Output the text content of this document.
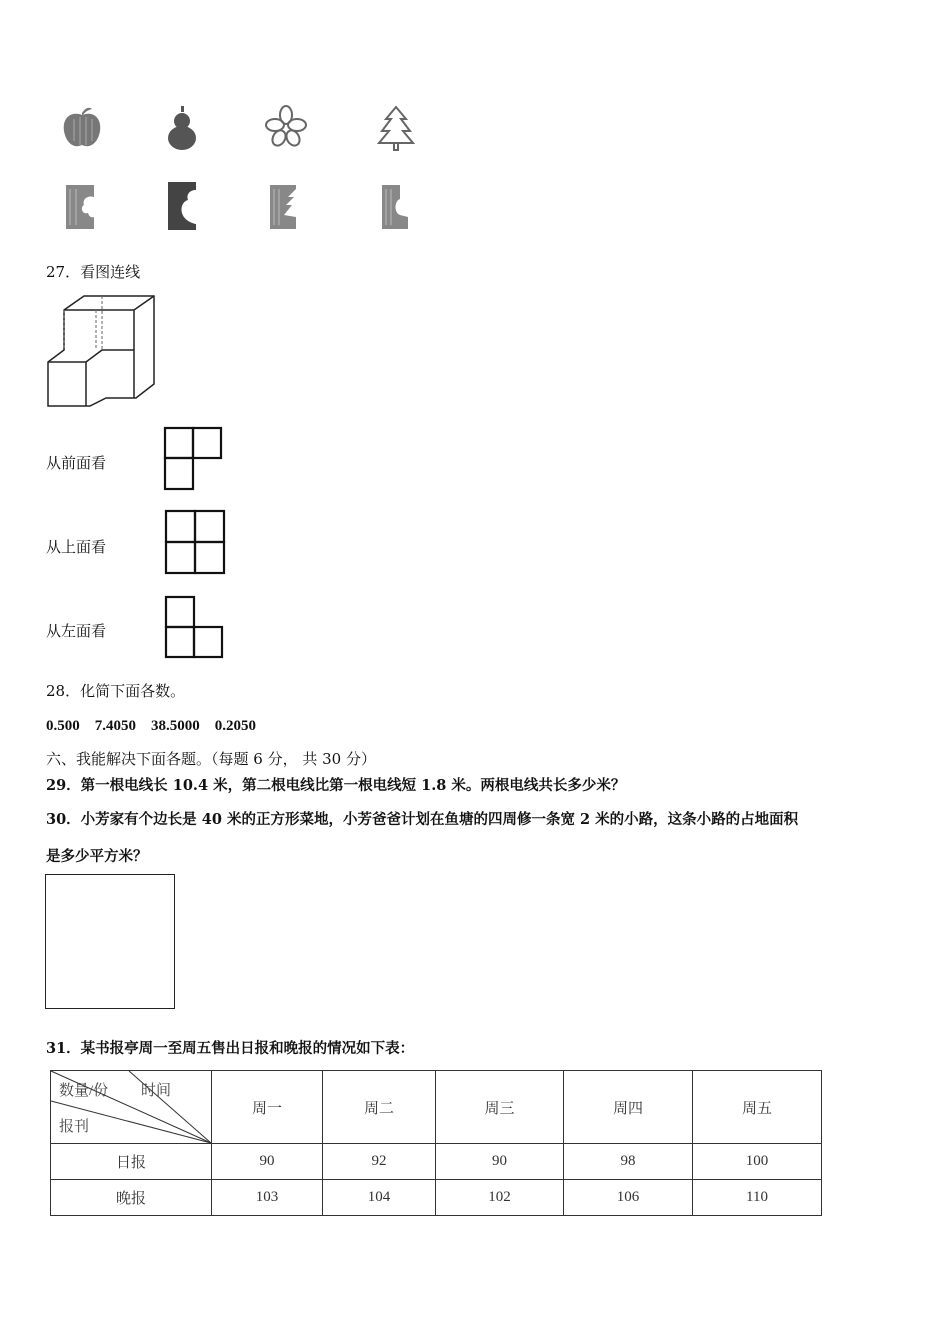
27．看图连线
从前面看
从上面看
从左面看
28．化简下面各数。
0.500　7.4050　38.5000　0.2050
六、我能解决下面各题。（每题 6 分， 共 30 分）
29．第一根电线长 10.4 米，第二根电线比第一根电线短 1.8 米。两根电线共长多少米？
30．小芳家有个边长是 40 米的正方形菜地，小芳爸爸计划在鱼塘的四周修一条宽 2 米的小路，这条小路的占地面积
是多少平方米？
31．某书报亭周一至周五售出日报和晚报的情况如下表：
数量/份 时间
报刊	周一	周二	周三	周四	周五
日报	90	92	90	98	100
晚报	103	104	102	106	110
